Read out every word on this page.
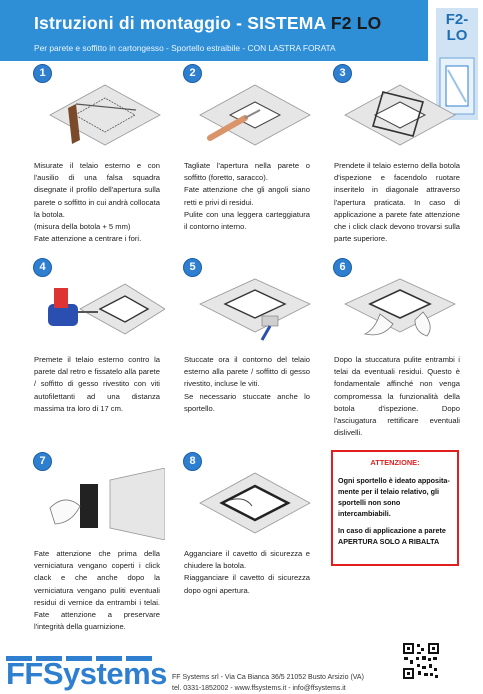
Istruzioni di montaggio - SISTEMA F2 LO
Per parete e soffitto in cartongesso - Sportello estraibile - CON LASTRA FORATA
F2-
LO
1	2	3
4	5	6
7	8

Misurate il telaio esterno e con l'ausilio di una falsa squadra disegnate il profilo dell'apertura sulla parete o soffitto in cui andrà collocata la botola.

(misura della botola + 5 mm)

Fate attenzione a centrare i fori.

Tagliate l'apertura nella parete o soffitto (foretto, saracco).

Fate attenzione che gli angoli siano retti e privi di residui.

Pulite con una leggera carteggiatura il contorno interno.

Prendete il telaio esterno della botola d'ispezione e facendolo ruotare inseritelo in diagonale attraverso l'apertura praticata. In caso di applicazione a parete fate attenzione che i click clack devono trovarsi sulla parte superiore.

Premete il telaio esterno contro la parete dal retro e fissatelo alla parete / soffitto di gesso rivestito con viti autofilettanti ad una distanza massima tra loro di 17 cm.

Stuccate ora il contorno del telaio esterno alla parete / soffitto di gesso rivestito, incluse le viti.

Se necessario stuccate anche lo sportello.

Dopo la stuccatura pulite entrambi i telai da eventuali residui. Questo è fondamentale affinché non venga compromessa la funzionalità della botola d'ispezione. Dopo l'asciugatura rettificare eventuali dislivelli.

Fate attenzione che prima della verniciatura vengano coperti i click clack e che anche dopo la verniciatura vengano puliti eventuali residui di vernice da entrambi i telai. Fate attenzione a preservare l'integrità della guarnizione.

Agganciare il cavetto di sicurezza e chiudere la botola.

Riagganciare il cavetto di sicurezza dopo ogni apertura.

ATTENZIONE:
Ogni sportello è ideato apposita-mente per il telaio relativo, gli sportelli non sono intercambiabili.
In caso di applicazione a parete APERTURA SOLO A RIBALTA
FFSystems FF Systems srl - Via Ca Bianca 36/5 21052 Busto Arsizio (VA)
tel. 0331-1852002 - www.ffsystems.it - info@ffsystems.it
